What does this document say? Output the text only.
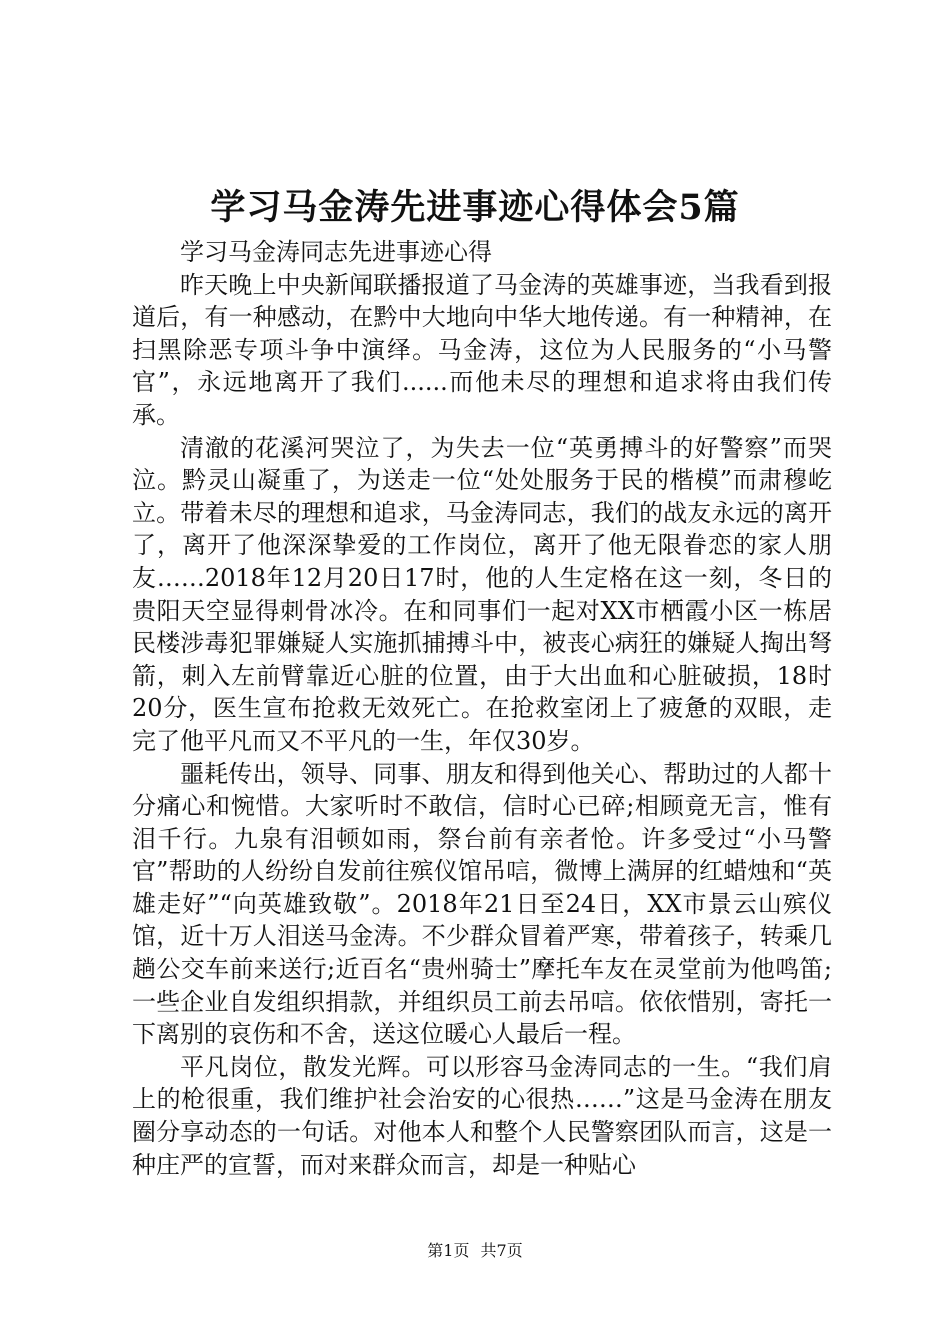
学习马金涛先进事迹心得体会5篇

学习马金涛同志先进事迹心得

昨天晚上中央新闻联播报道了马金涛的英雄事迹，当我看到报道后，有一种感动，在黔中大地向中华大地传递。有一种精神，在扫黑除恶专项斗争中演绎。马金涛，这位为人民服务的“小马警官”，永远地离开了我们......而他未尽的理想和追求将由我们传承。

清澈的花溪河哭泣了，为失去一位“英勇搏斗的好警察”而哭泣。黔灵山凝重了，为送走一位“处处服务于民的楷模”而肃穆屹立。带着未尽的理想和追求，马金涛同志，我们的战友永远的离开了，离开了他深深挚爱的工作岗位，离开了他无限眷恋的家人朋友……2018年12月20日17时，他的人生定格在这一刻，冬日的贵阳天空显得刺骨冰冷。在和同事们一起对XX市栖霞小区一栋居民楼涉毒犯罪嫌疑人实施抓捕搏斗中，被丧心病狂的嫌疑人掏出弩箭，刺入左前臂靠近心脏的位置，由于大出血和心脏破损，18时20分，医生宣布抢救无效死亡。在抢救室闭上了疲惫的双眼，走完了他平凡而又不平凡的一生，年仅30岁。

噩耗传出，领导、同事、朋友和得到他关心、帮助过的人都十分痛心和惋惜。大家听时不敢信，信时心已碎;相顾竟无言，惟有泪千行。九泉有泪顿如雨，祭台前有亲者怆。许多受过“小马警官”帮助的人纷纷自发前往殡仪馆吊唁，微博上满屏的红蜡烛和“英雄走好”“向英雄致敬”。2018年21日至24日，XX市景云山殡仪馆，近十万人泪送马金涛。不少群众冒着严寒，带着孩子，转乘几趟公交车前来送行;近百名“贵州骑士”摩托车友在灵堂前为他鸣笛;一些企业自发组织捐款，并组织员工前去吊唁。依依惜别，寄托一下离别的哀伤和不舍，送这位暖心人最后一程。

平凡岗位，散发光辉。可以形容马金涛同志的一生。“我们肩上的枪很重，我们维护社会治安的心很热……”这是马金涛在朋友圈分享动态的一句话。对他本人和整个人民警察团队而言，这是一种庄严的宣誓，而对来群众而言，却是一种贴心

第1页 共7页
